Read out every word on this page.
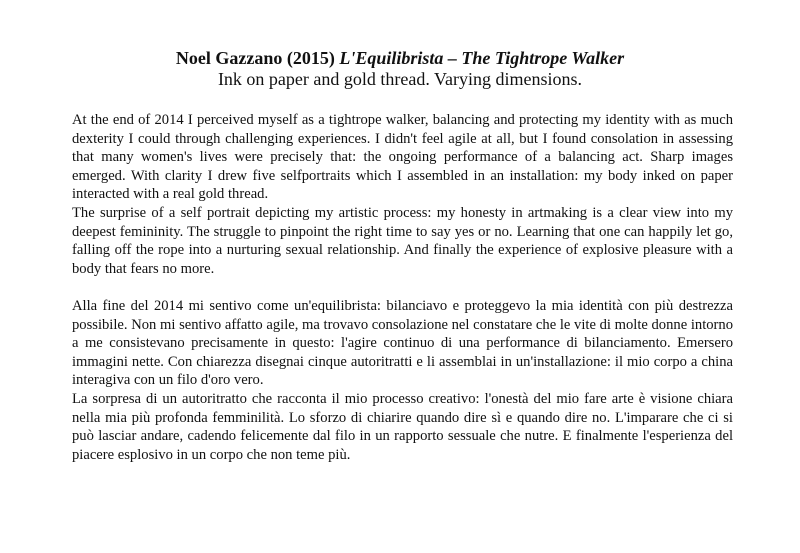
Noel Gazzano (2015) L'Equilibrista – The Tightrope Walker

Ink on paper and gold thread. Varying dimensions.

At the end of 2014 I perceived myself as a tightrope walker, balancing and protecting my identity with as much dexterity I could through challenging experiences. I didn't feel agile at all, but I found consolation in assessing that many women's lives were precisely that: the ongoing performance of a balancing act. Sharp images emerged. With clarity I drew five selfportraits which I assembled in an installation: my body inked on paper interacted with a real gold thread.

The surprise of a self portrait depicting my artistic process: my honesty in artmaking is a clear view into my deepest femininity. The struggle to pinpoint the right time to say yes or no. Learning that one can happily let go, falling off the rope into a nurturing sexual relationship. And finally the experience of explosive pleasure with a body that fears no more.

Alla fine del 2014 mi sentivo come un'equilibrista: bilanciavo e proteggevo la mia identità con più destrezza possibile. Non mi sentivo affatto agile, ma trovavo consolazione nel constatare che le vite di molte donne intorno a me consistevano precisamente in questo: l'agire continuo di una performance di bilanciamento. Emersero immagini nette. Con chiarezza disegnai cinque autoritratti e li assemblai in un'installazione: il mio corpo a china interagiva con un filo d'oro vero.

La sorpresa di un autoritratto che racconta il mio processo creativo: l'onestà del mio fare arte è visione chiara nella mia più profonda femminilità. Lo sforzo di chiarire quando dire sì e quando dire no. L'imparare che ci si può lasciar andare, cadendo felicemente dal filo in un rapporto sessuale che nutre. E finalmente l'esperienza del piacere esplosivo in un corpo che non teme più.
